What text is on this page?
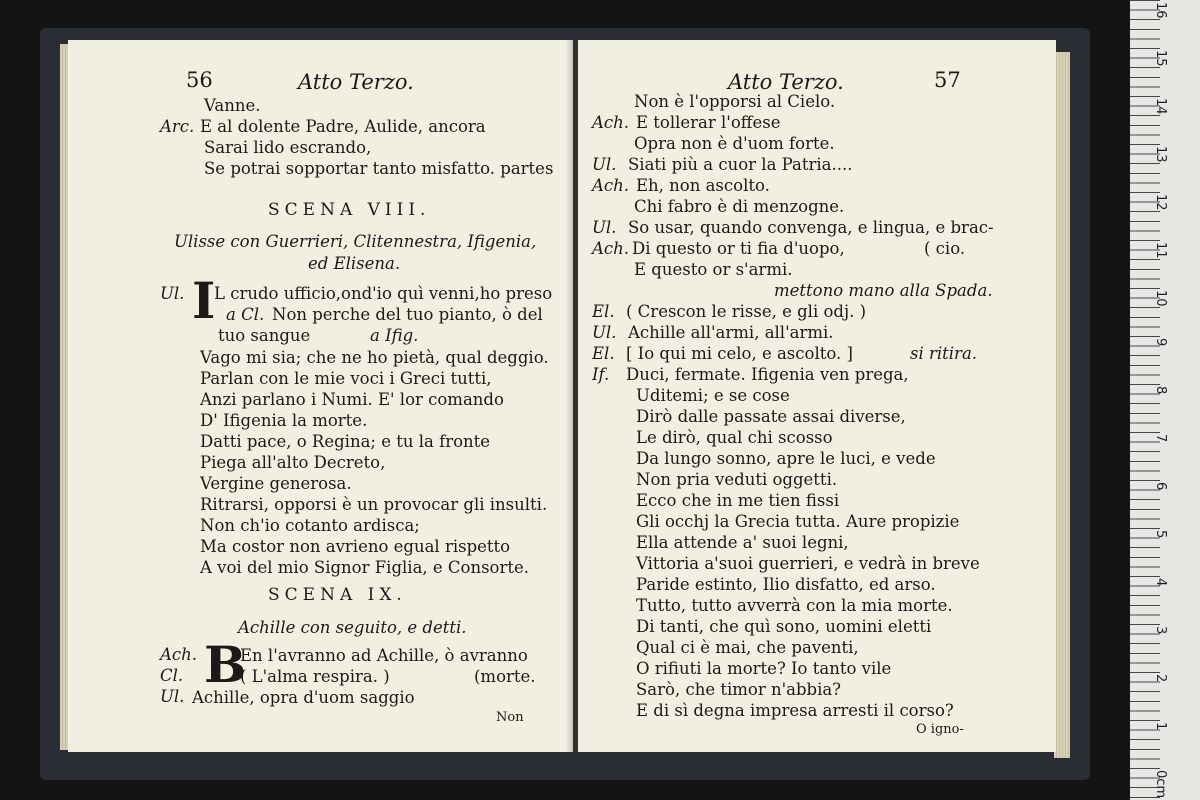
56	Atto Terzo.
Vanne.
Arc. E al dolente Padre, Aulide, ancora
Sarai lido escrando,
Se potrai sopportar tanto misfatto. partes
SCENA VIII.
Ulisse con Guerrieri, Clitennestra, Ifigenia,
ed Elisena.
Ul. I
L crudo ufficio,ond'io quì venni,ho preso
a Cl. Non perche del tuo pianto, ò del
tuo sangue	a Ifig.
Vago mi sia; che ne ho pietà, qual deggio.
Parlan con le mie voci i Greci tutti,
Anzi parlano i Numi. E' lor comando
D' Ifigenia la morte.
Datti pace, o Regina; e tu la fronte
Piega all'alto Decreto,
Vergine generosa.
Ritrarsi, opporsi è un provocar gli insulti.
Non ch'io cotanto ardisca;
Ma costor non avrieno egual rispetto
A voi del mio Signor Figlia, e Consorte.
SCENA IX.
Achille con seguito, e detti.
Ach.
Cl.
Ul.
B
En l'avranno ad Achille, ò avranno
( L'alma respira. )	(morte.
Achille, opra d'uom saggio
Non
Atto Terzo.	57
Non è l'opporsi al Cielo.
Ach. E tollerar l'offese
Opra non è d'uom forte.
Ul. Siati più a cuor la Patria....
Ach. Eh, non ascolto.
Chi fabro è di menzogne.
Ul. So usar, quando convenga, e lingua, e brac-
Ach. Di questo or ti fia d'uopo,	( cio.
E questo or s'armi.
mettono mano alla Spada.
El. ( Crescon le risse, e gli odj. )
Ul. Achille all'armi, all'armi.
El. [ Io qui mi celo, e ascolto. ]	si ritira.
If. Duci, fermate. Ifigenia ven prega,
Uditemi; e se cose
Dirò dalle passate assai diverse,
Le dirò, qual chi scosso
Da lungo sonno, apre le luci, e vede
Non pria veduti oggetti.
Ecco che in me tien fissi
Gli occhj la Grecia tutta. Aure propizie
Ella attende a' suoi legni,
Vittoria a'suoi guerrieri, e vedrà in breve
Paride estinto, Ilio disfatto, ed arso.
Tutto, tutto avverrà con la mia morte.
Di tanti, che quì sono, uomini eletti
Qual ci è mai, che paventi,
O rifiuti la morte? Io tanto vile
Sarò, che timor n'abbia?
E di sì degna impresa arresti il corso?
O igno-
16
15
14
13
12
11
10
9
8
7
6
5
4
3
2
1
0cm
